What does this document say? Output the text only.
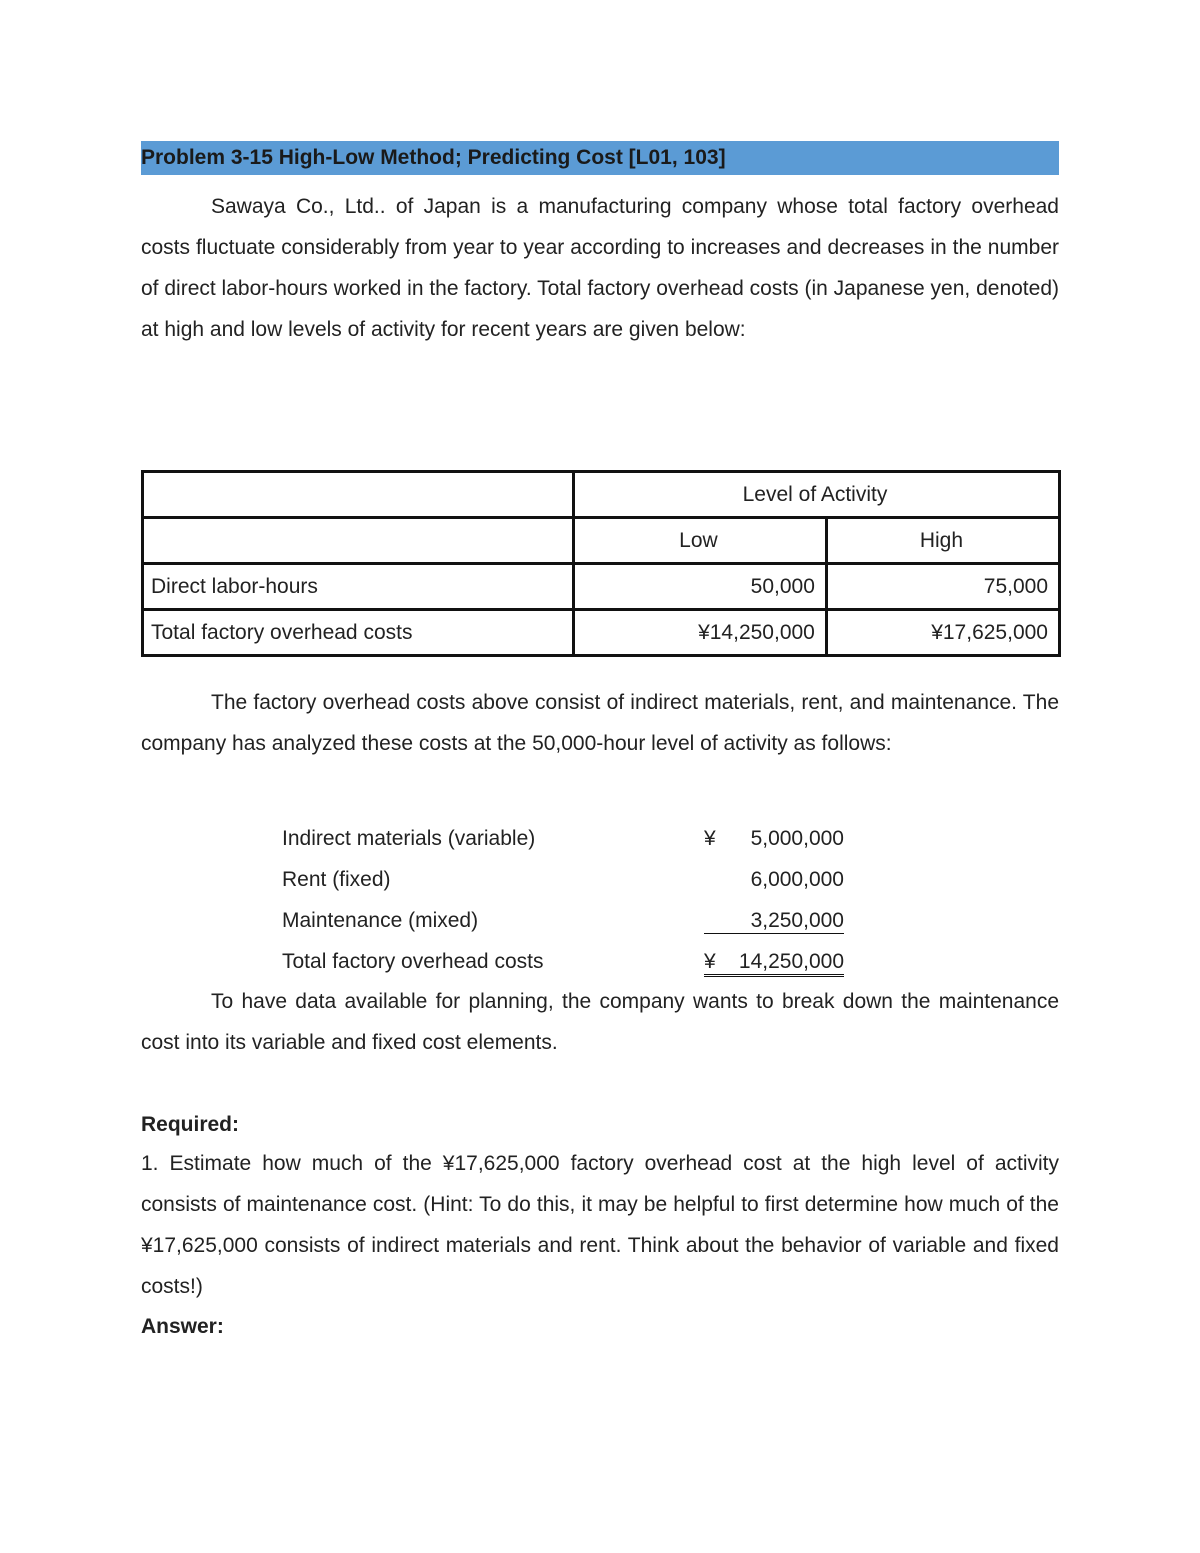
Problem 3-15 High-Low Method; Predicting Cost [L01, 103]

Sawaya Co., Ltd.. of Japan is a manufacturing company whose total factory overhead costs fluctuate considerably from year to year according to increases and decreases in the number of direct labor-hours worked in the factory. Total factory overhead costs (in Japanese yen, denoted) at high and low levels of activity for recent years are given below:

	Level of Activity	
	Low	High
Direct labor-hours	50,000	75,000
Total factory overhead costs	¥14,250,000	¥17,625,000

The factory overhead costs above consist of indirect materials, rent, and maintenance. The company has analyzed these costs at the 50,000-hour level of activity as follows:

Indirect materials (variable)	¥ 5,000,000
Rent (fixed)	6,000,000
Maintenance (mixed)	3,250,000
Total factory overhead costs	¥ 14,250,000

To have data available for planning, the company wants to break down the maintenance cost into its variable and fixed cost elements.

Required:

1. Estimate how much of the ¥17,625,000 factory overhead cost at the high level of activity consists of maintenance cost. (Hint: To do this, it may be helpful to first determine how much of the ¥17,625,000 consists of indirect materials and rent. Think about the behavior of variable and fixed costs!)

Answer:
